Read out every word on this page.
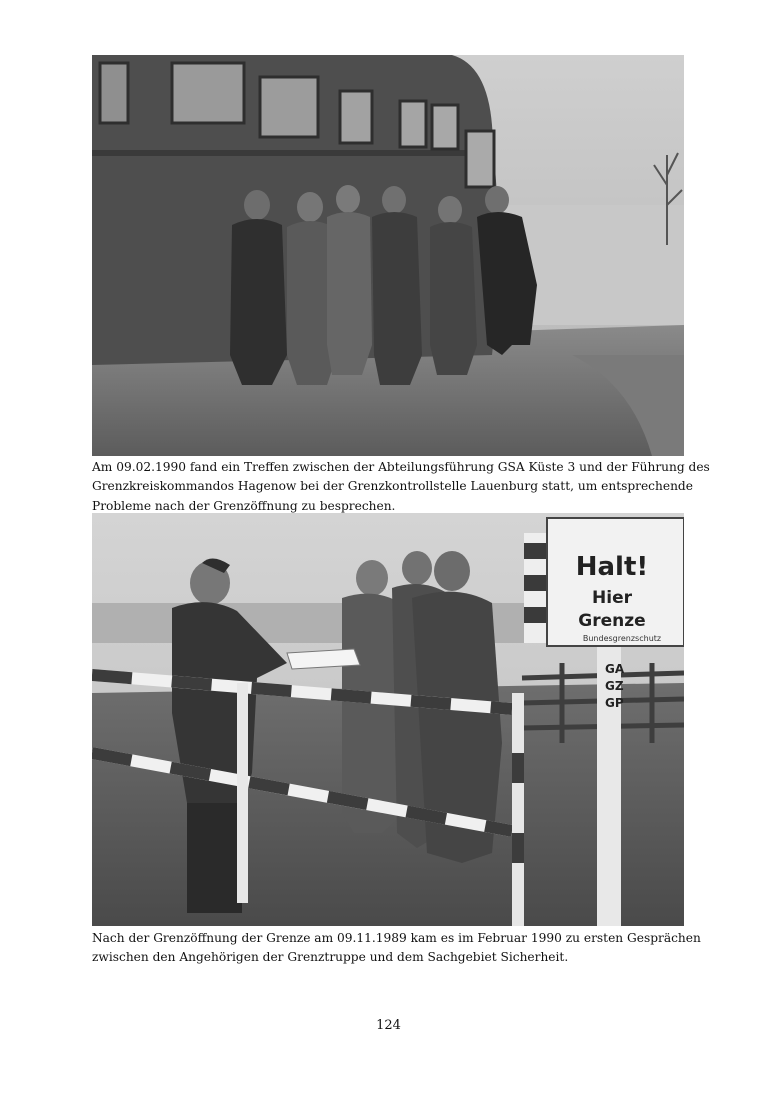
Am 09.02.1990 fand ein Treffen zwischen der Abteilungsführung GSA Küste 3 und der Führung des
Grenzkreiskommandos Hagenow bei der Grenzkontrollstelle Lauenburg statt, um entsprechende
Probleme nach der Grenzöffnung zu besprechen.

Halt!
Hier
Grenze
Bundesgrenzschutz
GA
GZ
GP

Nach der Grenzöffnung der Grenze am 09.11.1989 kam es im Februar 1990 zu ersten Gesprächen
zwischen den Angehörigen der Grenztruppe und dem Sachgebiet Sicherheit.

124
